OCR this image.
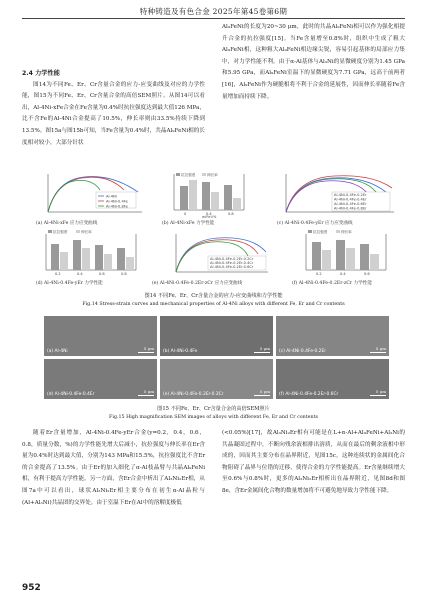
特种铸造及有色合金 2025年第45卷第6期

2.4 力学性能

图14为不同Fe、Er、Cr含量合金的应力-应变曲线及对应的力学性能，图15为不同Fe、Er、Cr含量合金的高倍SEM照片。从图14可以看出，Al-4Ni-xFe合金在Fe含量为0.4%时抗拉强度达到最大值126 MPa，比不含Fe的Al-4Ni合金提高了10.5%，伸长率则由33.5%持续下降到13.5%。图15a与图15b可知，当Fe含量为0.4%时，共晶Al₉FeNi相的长度相对较小，大部分针状

Al₉FeNi的长度为20~30 μm，此时的共晶Al₉FeNi相可以作为强化相提升合金的抗拉强度[15]。当Fe含量增至0.8%时，组织中生成了粗大Al₉FeNi相，这种粗大Al₉FeNi相边缘尖锐，容易引起基体的局部应力集中，对力学性能不利。由于α-Al基体与Al₃Ni的显微硬度分别为1.45 GPa和5.95 GPa，而Al₉FeNi室温下的显微硬度为7.71 GPa，远高于前两者[16]，Al₉FeNi作为硬脆相将不利于合金的延展性，因而伸长率随着Fe含量增加而持续下降。

Al-4Ni
Al-4Ni-0.4Fe
Al-4Ni-0.8Fe
(a) Al-4Ni-xFe 应力应变曲线
抗拉强度	伸长率
0	0.4	0.8
w(Fe)/%
(b) Al-4Ni-xFe 力学性能
Al-4Ni-0.4Fe-0.2Er
Al-4Ni-0.4Fe-0.4Er
Al-4Ni-0.4Fe-0.6Er
Al-4Ni-0.4Fe-0.8Er
(c) Al-4Ni-0.4Fe-yEr 应力应变曲线
抗拉强度	伸长率
0.2	0.4	0.6	0.8
(d) Al-4Ni-0.4Fe-yEr 力学性能
Al-4Ni-0.4Fe-0.2Er-0.2Cr
Al-4Ni-0.4Fe-0.2Er-0.4Cr
Al-4Ni-0.4Fe-0.2Er-0.6Cr
(e) Al-4Ni-0.4Fe-0.2Er-zCr 应力应变曲线
抗拉强度	伸长率
0.2	0.4	0.6
(f) Al-4Ni-0.4Fe-0.2Er-zCr 力学性能
图14 不同Fe、Er、Cr含量合金的应力-应变曲线和力学性能
Fig.14 Stress-strain curves and mechanical properties of Al-4Ni alloys with different Fe, Er and Cr contents
(a) Al-4Ni
5 μm
(b) Al-4Ni-0.4Fe
5 μm
(c) Al-4Ni-0.4Fe-0.2Er
5 μm
(d) Al-4Ni-0.4Fe-0.4Er
5 μm
(e) Al-4Ni-0.4Fe-0.2Er-0.2Cr
5 μm
(f) Al-4Ni-0.4Fe-0.2Er-0.6Cr
5 μm
图15 不同Fe、Er、Cr含量合金的高倍SEM照片
Fig.15 High magnification SEM images of alloys with different Fe, Er and Cr contents

随着Er含量增加，Al-4Ni-0.4Fe-yEr合金(y=0.2，0.4，0.6，0.8，质量分数，%)的力学性能先增大后减小，抗拉强度与伸长率在Er含量为0.4%时达到最大值，分别为143 MPa和15.5%，抗拉强度比不含Er的合金提高了13.5%。由于Er的加入细化了α-Al枝晶臂与共晶Al₉FeNi相，有利于提高力学性能。另一方面，含Er合金中析出了Al₃Ni₂Er相，从图7a中可以看出，球状Al₃Ni₂Er相主要分布在初生α-Al晶粒与(Al+Al₃Ni)共晶团的交界处。由于室温下Er在Al中的溶解度极低

(<0.05%)[17]，故Al₃Ni₂Er相有可能是在L+α-Al+Al₉FeNi+Al₃Ni的共晶凝固过程中，不断向残余液相排出溶质，从而在最后的剩余液相中形成的，因而其主要分布在晶界附近，见图15c。这种连续状的金属间化合物阻碍了晶界与位错的迁移，使得合金的力学性能提高。Er含量继续增大至0.6%与0.8%时，更多的Al₃Ni₂Er相析出在晶界附近，见图8d和图8e，含Er金属间化合物的数量增加将不可避免地导致力学性能下降。

952
